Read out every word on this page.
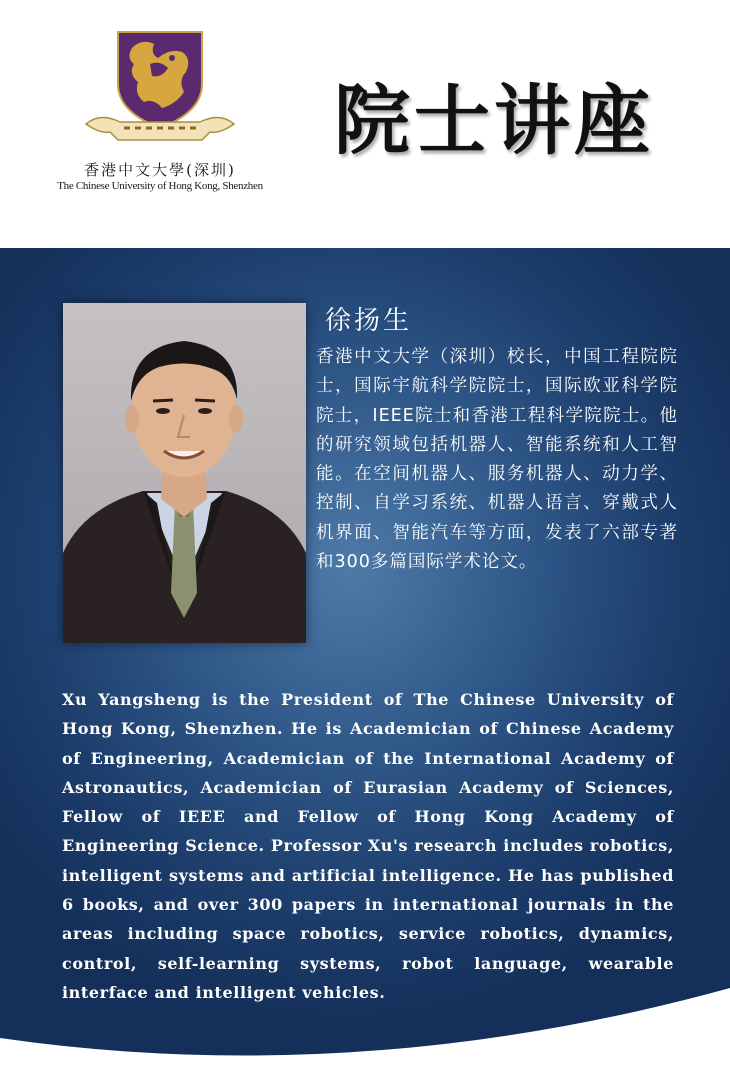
香港中文大學(深圳)
The Chinese University of Hong Kong, Shenzhen
院士讲座
徐扬生
香港中文大学（深圳）校长，中国工程院院士，国际宇航科学院院士，国际欧亚科学院院士，IEEE院士和香港工程科学院院士。他的研究领域包括机器人、智能系统和人工智能。在空间机器人、服务机器人、动力学、控制、自学习系统、机器人语言、穿戴式人机界面、智能汽车等方面，发表了六部专著和300多篇国际学术论文。
Xu Yangsheng is the President of The Chinese University of Hong Kong, Shenzhen. He is Academician of Chinese Academy of Engineering, Academician of the International Academy of Astronautics, Academician of Eurasian Academy of Sciences, Fellow of IEEE and Fellow of Hong Kong Academy of Engineering Science. Professor Xu's research includes robotics, intelligent systems and artificial intelligence. He has published 6 books, and over 300 papers in international journals in the areas including space robotics, service robotics, dynamics, control, self-learning systems, robot language, wearable interface and intelligent vehicles.
